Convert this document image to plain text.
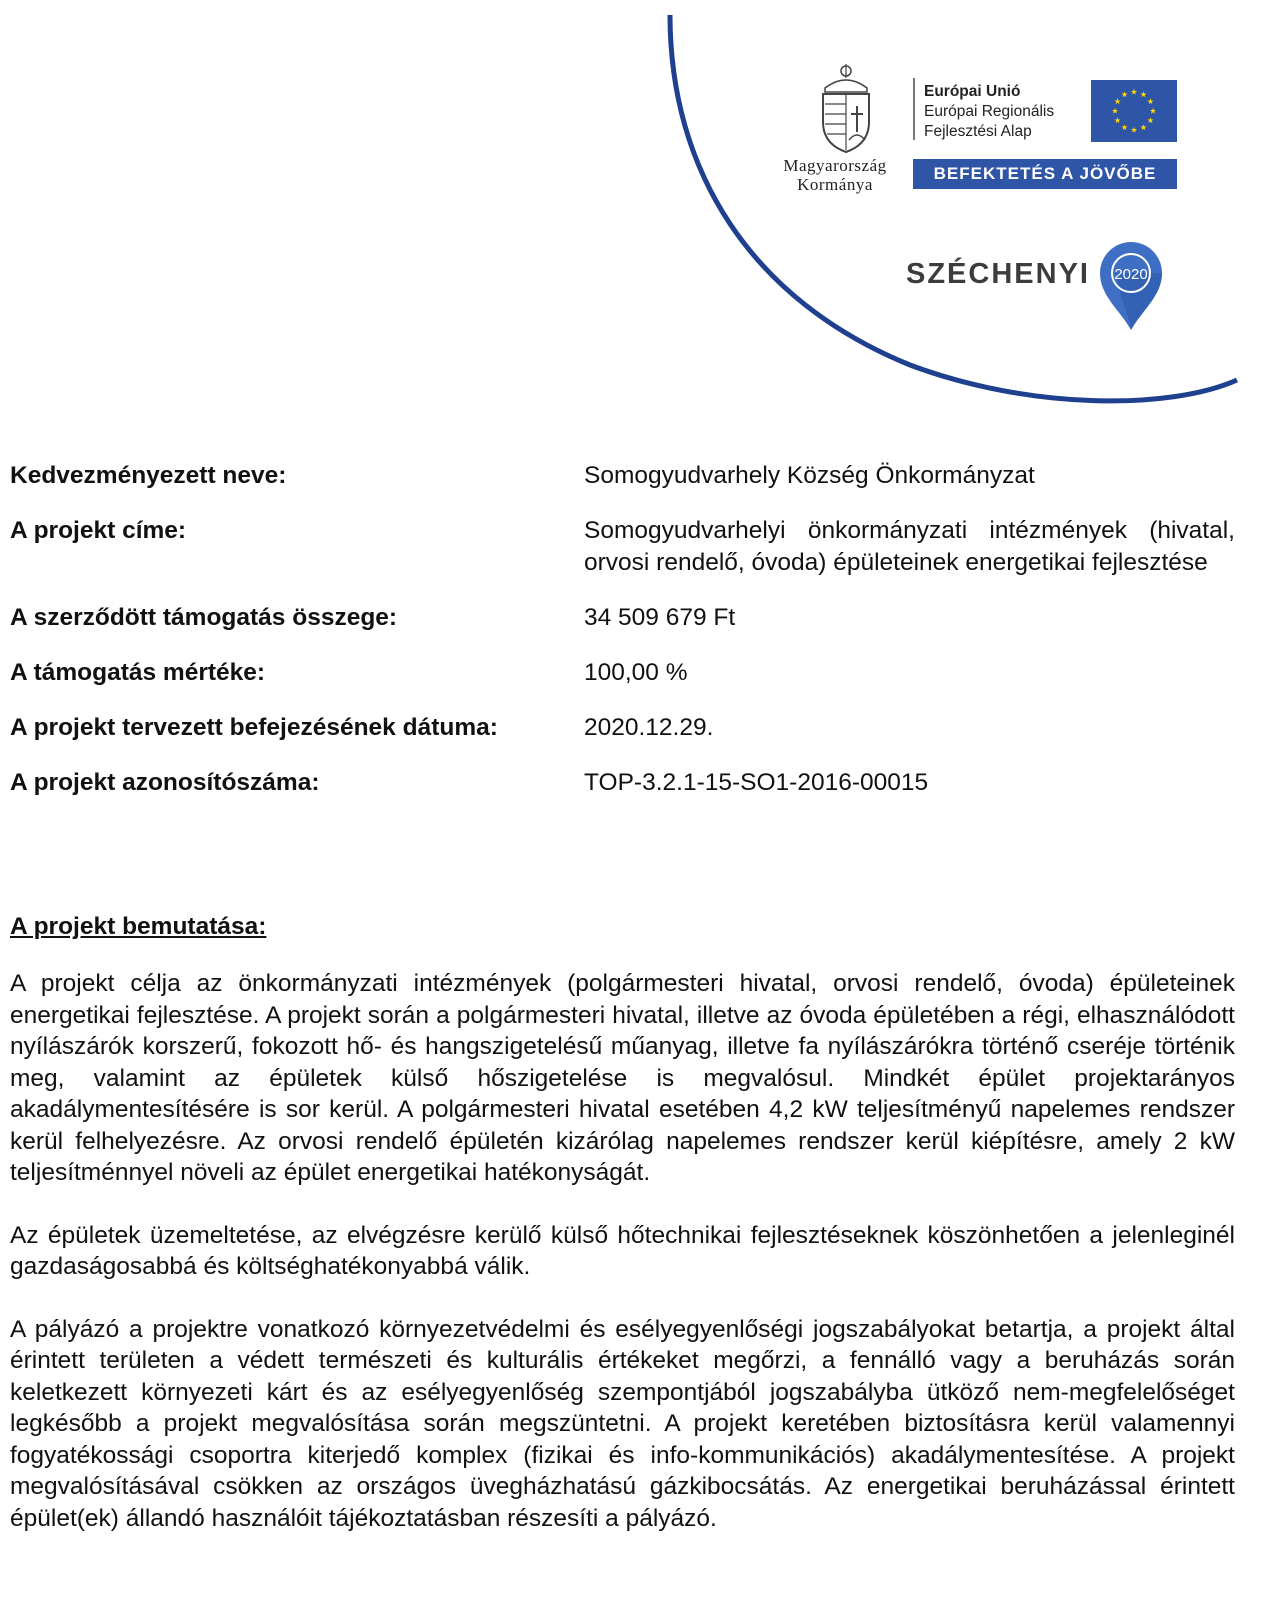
Magyarország
Kormánya
Európai Unió
Európai Regionális
Fejlesztési Alap
BEFEKTETÉS A JÖVŐBE
SZÉCHENYI 2020
Kedvezményezett neve:	Somogyudvarhely Község Önkormányzat
A projekt címe:	Somogyudvarhelyi önkormányzati intézmények (hivatal, orvosi rendelő, óvoda) épületeinek energetikai fejlesztése
A szerződött támogatás összege:	34 509 679 Ft
A támogatás mértéke:	100,00 %
A projekt tervezett befejezésének dátuma:	2020.12.29.
A projekt azonosítószáma:	TOP-3.2.1-15-SO1-2016-00015
A projekt bemutatása:

A projekt célja az önkormányzati intézmények (polgármesteri hivatal, orvosi rendelő, óvoda) épületeinek energetikai fejlesztése. A projekt során a polgármesteri hivatal, illetve az óvoda épületében a régi, elhasználódott nyílászárók korszerű, fokozott hő- és hangszigetelésű műanyag, illetve fa nyílászárókra történő cseréje történik meg, valamint az épületek külső hőszigetelése is megvalósul. Mindkét épület projektarányos akadálymentesítésére is sor kerül. A polgármesteri hivatal esetében 4,2 kW teljesítményű napelemes rendszer kerül felhelyezésre. Az orvosi rendelő épületén kizárólag napelemes rendszer kerül kiépítésre, amely 2 kW teljesítménnyel növeli az épület energetikai hatékonyságát.

Az épületek üzemeltetése, az elvégzésre kerülő külső hőtechnikai fejlesztéseknek köszönhetően a jelenleginél gazdaságosabbá és költséghatékonyabbá válik.

A pályázó a projektre vonatkozó környezetvédelmi és esélyegyenlőségi jogszabályokat betartja, a projekt által érintett területen a védett természeti és kulturális értékeket megőrzi, a fennálló vagy a beruházás során keletkezett környezeti kárt és az esélyegyenlőség szempontjából jogszabályba ütköző nem-megfelelőséget legkésőbb a projekt megvalósítása során megszüntetni. A projekt keretében biztosításra kerül valamennyi fogyatékossági csoportra kiterjedő komplex (fizikai és info-kommunikációs) akadálymentesítése. A projekt megvalósításával csökken az országos üvegházhatású gázkibocsátás. Az energetikai beruházással érintett épület(ek) állandó használóit tájékoztatásban részesíti a pályázó.
